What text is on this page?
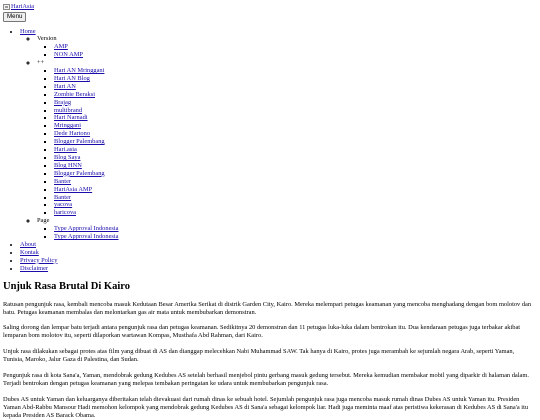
HariAsia
Menu
• Home
◦ Version
▪ AMP
▪ NON AMP
◦ ++
▪ Hari AN Mringgani
▪ Hari AN Blog
▪ Hari AN
▪ Zombie Beraksi
▪ Brajag
▪ multibrand
▪ Hari Narnadi
▪ Mringgani
▪ Dede Hartono
▪ Blogger Palembang
▪ Hari.asia
▪ Blog Saya
▪ Blog HNN
▪ Blogger Palembang
▪ Banter
▪ HariAsia AMP
▪ Banter
▪ yacova
▪ haricova
◦ Page
▪ Type Approval Indonesia
▪ Type Approval Indonesia
• About
• Kontak
• Privacy Policy
• Disclaimer
Unjuk Rasa Brutal Di Kairo

Ratusan pengunjuk rasa, kembali mencoba masuk Kedutaan Besar Amerika Serikat di distrik Garden City, Kairo. Mereka melempari petugas keamanan yang mencoba menghadang dengan bom molotov dan batu. Petugas keamanan membalas dan melontarkan gas air mata untuk membubarkan demonstran.

Saling dorong dan lempar batu terjadi antara pengunjuk rasa dan petugas keamanan. Sedikitnya 20 demonstran dan 11 petugas luka-luka dalam bentrokan itu. Dua kendaraan petugas juga terbakar akibat lemparan bom molotov itu, seperti dilaporkan wartawan Kompas, Musthafa Abd Rahman, dari Kairo.

Unjuk rasa dilakukan sebagai protes atas film yang dibuat di AS dan dianggap melecehkan Nabi Muhammad SAW. Tak hanya di Kairo, protes juga merambah ke sejumlah negara Arab, seperti Yaman, Tunisia, Maroko, Jalur Gaza di Palestina, dan Sudan.

Pengunjuk rasa di kota Sana'a, Yaman, mendobrak gedung Kedubes AS setelah berhasil menjebol pintu gerbang masuk gedung tersebut. Mereka kemudian membakar mobil yang diparkir di halaman dalam. Terjadi bentrokan dengan petugas keamanan yang melepas tembakan peringatan ke udara untuk membubarkan pengunjuk rasa.

Dubes AS untuk Yaman dan keluarganya diberitakan telah dievakuasi dari rumah dinas ke sebuah hotel. Sejumlah pengunjuk rasa juga mencoba masuk rumah dinas Dubes AS untuk Yaman itu. Presiden Yaman Abd-Rabbu Mansour Hadi memohon kelompok yang mendobrak gedung Kedubes AS di Sana'a sebagai kelompok liar. Hadi juga meminta maaf atas peristiwa kekerasan di Kedubes AS di Sana'a itu kepada Presiden AS Barack Obama.
